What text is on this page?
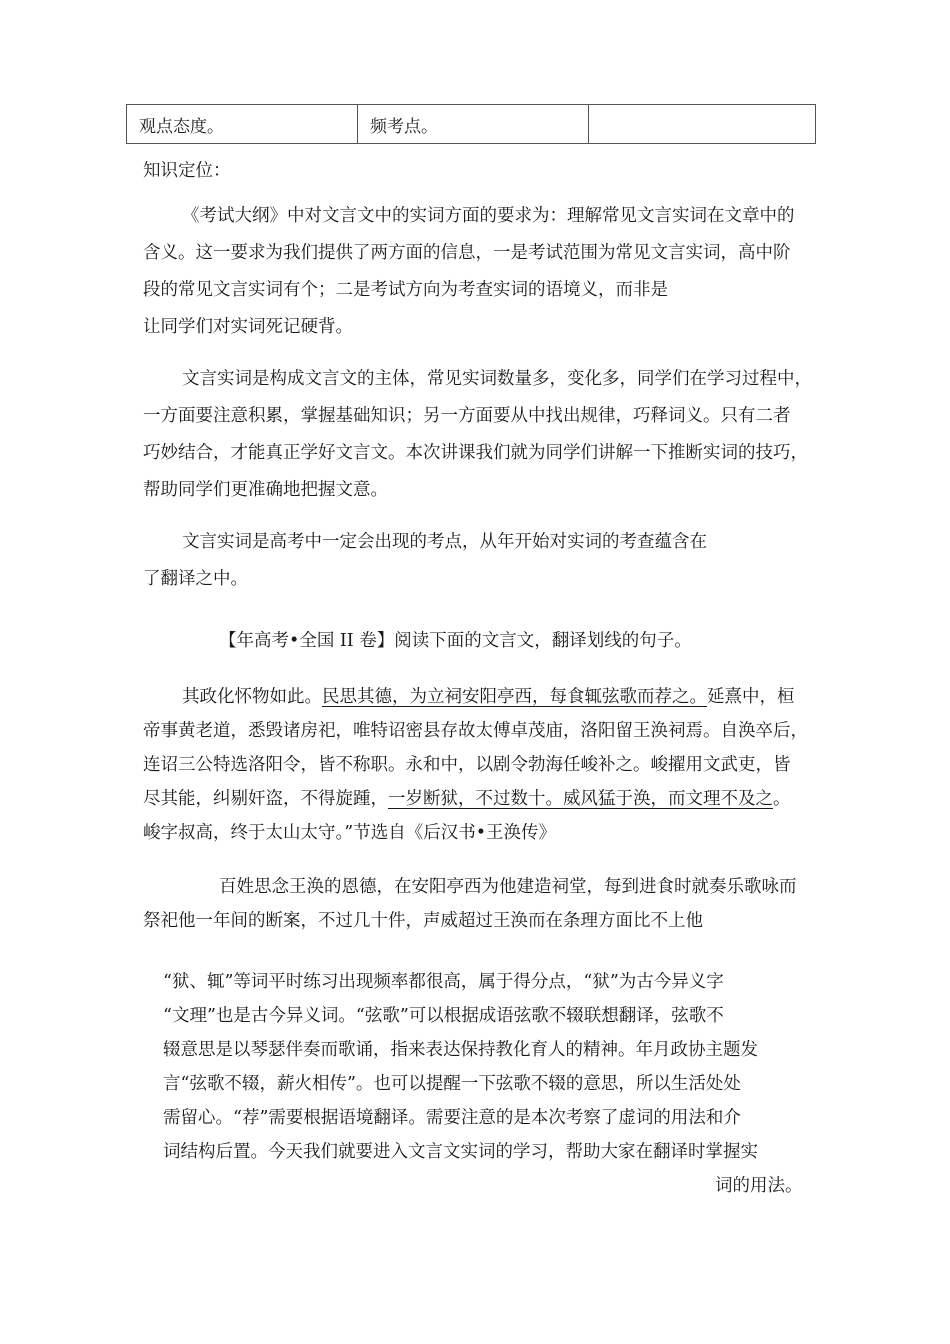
观点态度。	频考点。	
知识定位：
《考试大纲》中对文言文中的实词方面的要求为：理解常见文言实词在文章中的
含义。这一要求为我们提供了两方面的信息，一是考试范围为常见文言实词，高中阶
段的常见文言实词有个；二是考试方向为考查实词的语境义，而非是
让同学们对实词死记硬背。
文言实词是构成文言文的主体，常见实词数量多，变化多，同学们在学习过程中，
一方面要注意积累，掌握基础知识；另一方面要从中找出规律，巧释词义。只有二者
巧妙结合，才能真正学好文言文。本次讲课我们就为同学们讲解一下推断实词的技巧，
帮助同学们更准确地把握文意。
文言实词是高考中一定会出现的考点，从年开始对实词的考查蕴含在
了翻译之中。
【年高考•全国 II 卷】阅读下面的文言文，翻译划线的句子。
其政化怀物如此。民思其德，为立祠安阳亭西，每食辄弦歌而荐之。延熹中，桓
帝事黄老道，悉毁诸房祀，唯特诏密县存故太傅卓茂庙，洛阳留王涣祠焉。自涣卒后，
连诏三公特选洛阳令，皆不称职。永和中，以剧令勃海任峻补之。峻擢用文武吏，皆
尽其能，纠剔奸盗，不得旋踵，一岁断狱，不过数十。威风猛于涣，而文理不及之。
峻字叔高，终于太山太守。”节选自《后汉书•王涣传》
百姓思念王涣的恩德，在安阳亭西为他建造祠堂，每到进食时就奏乐歌咏而
祭祀他一年间的断案，不过几十件，声威超过王涣而在条理方面比不上他
“狱、辄”等词平时练习出现频率都很高，属于得分点，“狱”为古今异义字
“文理”也是古今异义词。“弦歌”可以根据成语弦歌不辍联想翻译，弦歌不
辍意思是以琴瑟伴奏而歌诵，指来表达保持教化育人的精神。年月政协主题发
言“弦歌不辍，薪火相传”。也可以提醒一下弦歌不辍的意思，所以生活处处
需留心。“荐”需要根据语境翻译。需要注意的是本次考察了虚词的用法和介
词结构后置。今天我们就要进入文言文实词的学习，帮助大家在翻译时掌握实
词的用法。
